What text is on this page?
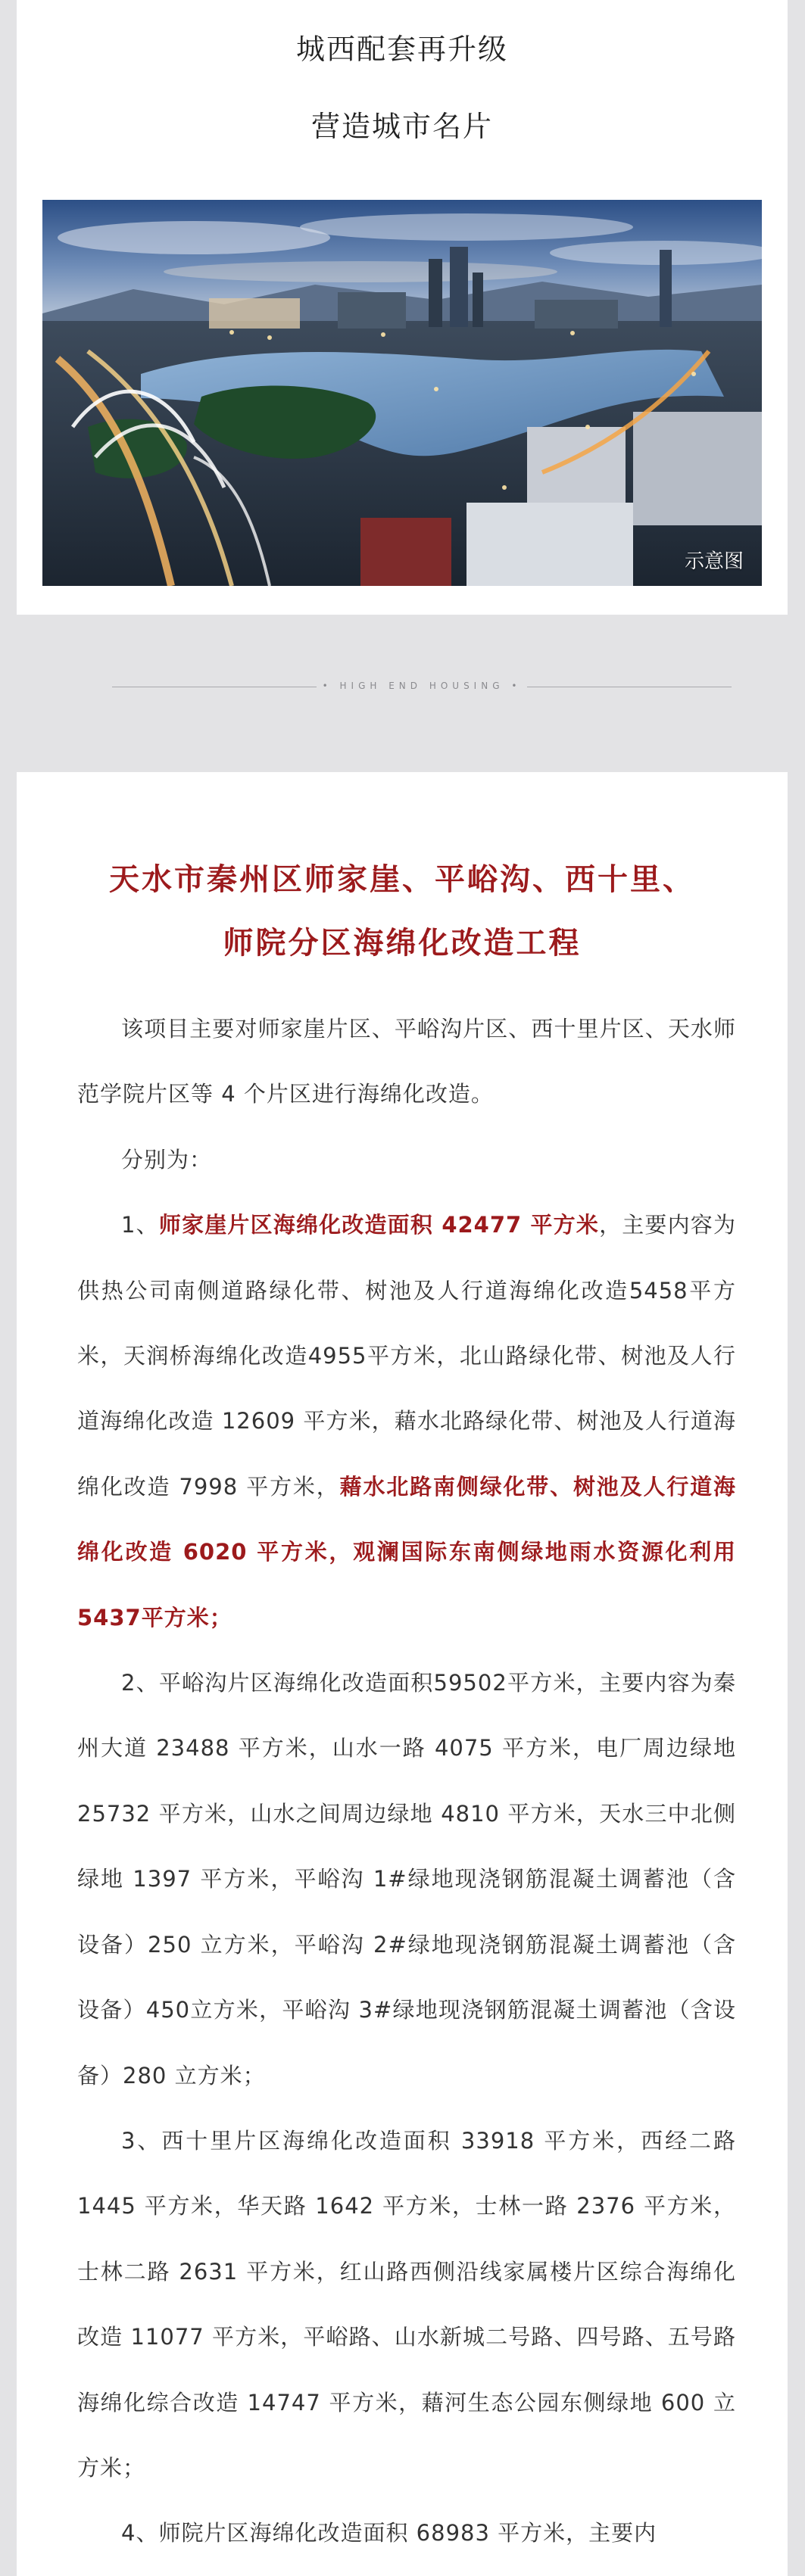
城西配套再升级
营造城市名片
示意图
• HIGH END HOUSING •
天水市秦州区师家崖、平峪沟、西十里、
师院分区海绵化改造工程

该项目主要对师家崖片区、平峪沟片区、西十里片区、天水师范学院片区等 4 个片区进行海绵化改造。

分别为：

1、师家崖片区海绵化改造面积 42477 平方米，主要内容为供热公司南侧道路绿化带、树池及人行道海绵化改造5458平方米，天润桥海绵化改造4955平方米，北山路绿化带、树池及人行道海绵化改造 12609 平方米，藉水北路绿化带、树池及人行道海绵化改造 7998 平方米，藉水北路南侧绿化带、树池及人行道海绵化改造 6020 平方米，观澜国际东南侧绿地雨水资源化利用5437平方米；

2、平峪沟片区海绵化改造面积59502平方米，主要内容为秦州大道 23488 平方米，山水一路 4075 平方米，电厂周边绿地 25732 平方米，山水之间周边绿地 4810 平方米，天水三中北侧绿地 1397 平方米，平峪沟 1#绿地现浇钢筋混凝土调蓄池（含设备）250 立方米，平峪沟 2#绿地现浇钢筋混凝土调蓄池（含设备）450立方米，平峪沟 3#绿地现浇钢筋混凝土调蓄池（含设备）280 立方米；

3、西十里片区海绵化改造面积 33918 平方米，西经二路 1445 平方米，华天路 1642 平方米，士林一路 2376 平方米，士林二路 2631 平方米，红山路西侧沿线家属楼片区综合海绵化改造 11077 平方米，平峪路、山水新城二号路、四号路、五号路海绵化综合改造 14747 平方米，藉河生态公园东侧绿地 600 立方米；

4、师院片区海绵化改造面积 68983 平方米，主要内
